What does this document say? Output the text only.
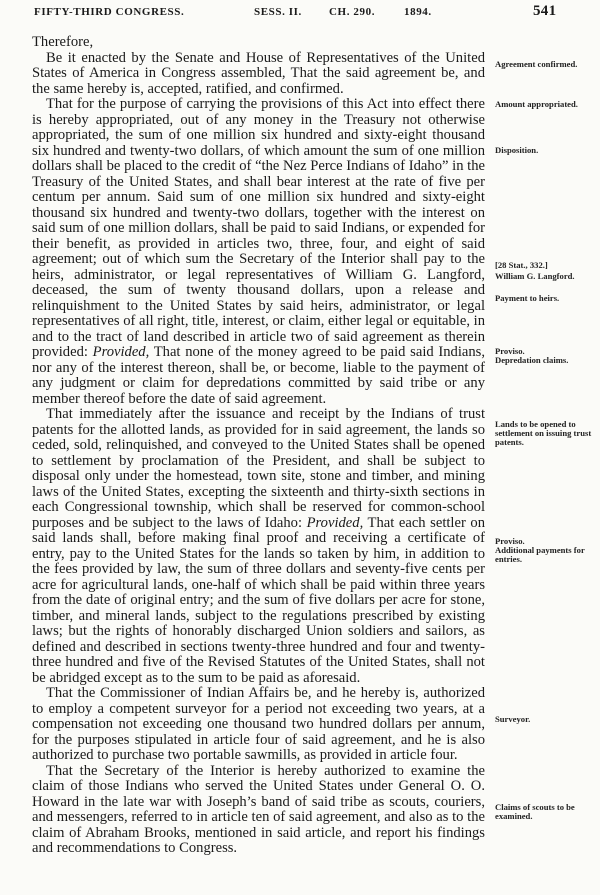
FIFTY-THIRD CONGRESS.	SESS. II. CH. 290.	1894.	541

Therefore,

Be it enacted by the Senate and House of Representatives of the United States of America in Congress assembled, That the said agreement be, and the same hereby is, accepted, ratified, and confirmed.

That for the purpose of carrying the provisions of this Act into effect there is hereby appropriated, out of any money in the Treasury not otherwise appropriated, the sum of one million six hundred and sixty-eight thousand six hundred and twenty-two dollars, of which amount the sum of one million dollars shall be placed to the credit of “the Nez Perce Indians of Idaho” in the Treasury of the United States, and shall bear interest at the rate of five per centum per annum. Said sum of one million six hundred and sixty-eight thousand six hundred and twenty-two dollars, together with the interest on said sum of one million dollars, shall be paid to said Indians, or expended for their benefit, as provided in articles two, three, four, and eight of said agreement; out of which sum the Secretary of the Interior shall pay to the heirs, administrator, or legal representatives of William G. Langford, deceased, the sum of twenty thousand dollars, upon a release and relinquishment to the United States by said heirs, administrator, or legal representatives of all right, title, interest, or claim, either legal or equitable, in and to the tract of land described in article two of said agreement as therein provided: Provided, That none of the money agreed to be paid said Indians, nor any of the interest thereon, shall be, or become, liable to the payment of any judgment or claim for depredations committed by said tribe or any member thereof before the date of said agreement.

That immediately after the issuance and receipt by the Indians of trust patents for the allotted lands, as provided for in said agreement, the lands so ceded, sold, relinquished, and conveyed to the United States shall be opened to settlement by proclamation of the President, and shall be subject to disposal only under the homestead, town site, stone and timber, and mining laws of the United States, excepting the sixteenth and thirty-sixth sections in each Congressional township, which shall be reserved for common-school purposes and be subject to the laws of Idaho: Provided, That each settler on said lands shall, before making final proof and receiving a certificate of entry, pay to the United States for the lands so taken by him, in addition to the fees provided by law, the sum of three dollars and seventy-five cents per acre for agricultural lands, one-half of which shall be paid within three years from the date of original entry; and the sum of five dollars per acre for stone, timber, and mineral lands, subject to the regulations prescribed by existing laws; but the rights of honorably discharged Union soldiers and sailors, as defined and described in sections twenty-three hundred and four and twenty-three hundred and five of the Revised Statutes of the United States, shall not be abridged except as to the sum to be paid as aforesaid.

That the Commissioner of Indian Affairs be, and he hereby is, authorized to employ a competent surveyor for a period not exceeding two years, at a compensation not exceeding one thousand two hundred dollars per annum, for the purposes stipulated in article four of said agreement, and he is also authorized to purchase two portable sawmills, as provided in article four.

That the Secretary of the Interior is hereby authorized to examine the claim of those Indians who served the United States under General O. O. Howard in the late war with Joseph’s band of said tribe as scouts, couriers, and messengers, referred to in article ten of said agreement, and also as to the claim of Abraham Brooks, mentioned in said article, and report his findings and recommendations to Congress.

Agreement confirmed.
Amount appropriated.
Disposition.
[28 Stat., 332.]
William G. Langford.
Payment to heirs.
Proviso.
Depredation claims.
Lands to be opened to settlement on issuing trust patents.
Proviso.
Additional payments for entries.
Surveyor.
Claims of scouts to be examined.
